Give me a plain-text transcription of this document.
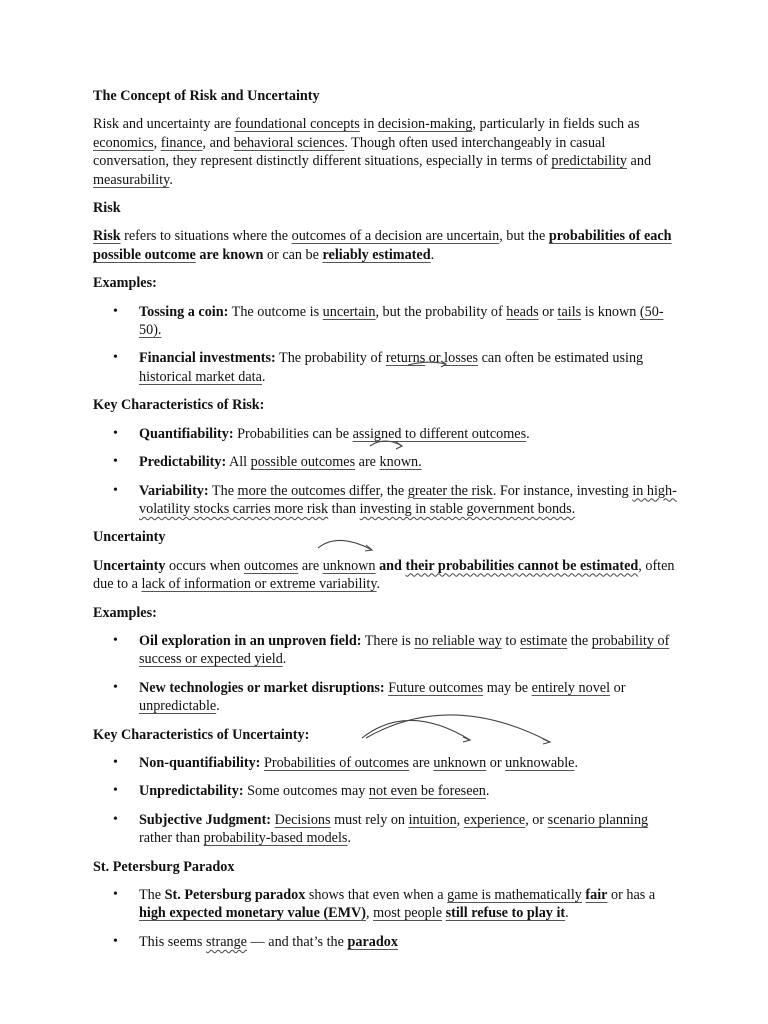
The Concept of Risk and Uncertainty

Risk and uncertainty are foundational concepts in decision-making, particularly in fields such as economics, finance, and behavioral sciences. Though often used interchangeably in casual conversation, they represent distinctly different situations, especially in terms of predictability and measurability.

Risk

Risk refers to situations where the outcomes of a decision are uncertain, but the probabilities of each possible outcome are known or can be reliably estimated.

Examples:
• Tossing a coin: The outcome is uncertain, but the probability of heads or tails is known (50-50).
• Financial investments: The probability of returns or losses can often be estimated using historical market data.
Key Characteristics of Risk:
• Quantifiability: Probabilities can be assigned to different outcomes.
• Predictability: All possible outcomes are known.
• Variability: The more the outcomes differ, the greater the risk. For instance, investing in high-volatility stocks carries more risk than investing in stable government bonds.
Uncertainty

Uncertainty occurs when outcomes are unknown and their probabilities cannot be estimated, often due to a lack of information or extreme variability.

Examples:
• Oil exploration in an unproven field: There is no reliable way to estimate the probability of success or expected yield.
• New technologies or market disruptions: Future outcomes may be entirely novel or unpredictable.
Key Characteristics of Uncertainty:
• Non-quantifiability: Probabilities of outcomes are unknown or unknowable.
• Unpredictability: Some outcomes may not even be foreseen.
• Subjective Judgment: Decisions must rely on intuition, experience, or scenario planning rather than probability-based models.
St. Petersburg Paradox
• The St. Petersburg paradox shows that even when a game is mathematically fair or has a high expected monetary value (EMV), most people still refuse to play it.
• This seems strange — and that’s the paradox
